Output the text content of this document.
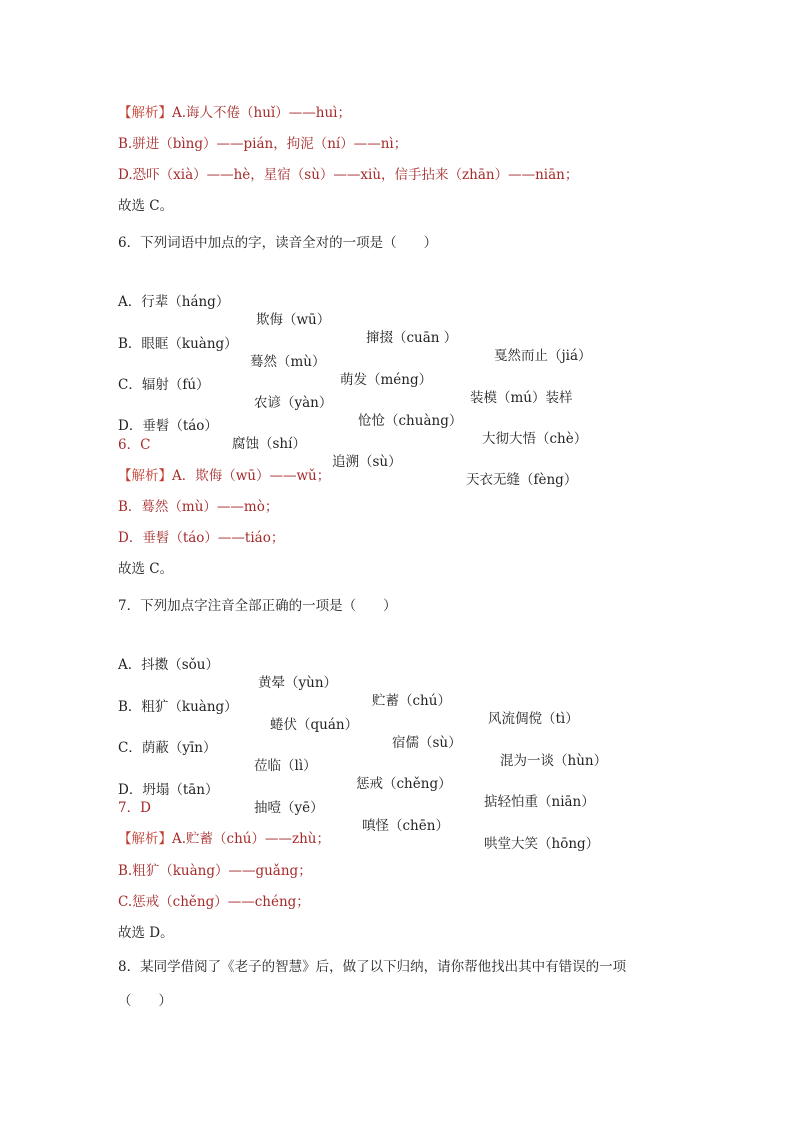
【解析】A.诲人不倦（huǐ）——huì；
B.骈进（bìng）——pián，拘泥（ní）——nì；
D.恐吓（xià）——hè，星宿（sù）——xiù，信手拈来（zhān）——niān；
故选 C。
6．下列词语中加点的字，读音全对的一项是（　　）

A．行辈（háng）

欺侮（wū）

撺掇（cuān ）

戛然而止（jiá）

B．眼眶（kuàng）

蓦然（mù）

萌发（méng）

装模（mú）装样

C．辐射（fú）

农谚（yàn）

怆怆（chuàng）

大彻大悟（chè）

D．垂髫（táo）

腐蚀（shí）

追溯（sù）

天衣无缝（fèng）

6．C
【解析】A．欺侮（wū）——wǔ；
B．蓦然（mù）——mò；
D．垂髫（táo）——tiáo；
故选 C。
7．下列加点字注音全部正确的一项是（　　）

A．抖擞（sǒu）

黄晕（yùn）

贮蓄（chú）

风流倜傥（tì）

B．粗犷（kuàng）

蜷伏（quán）

宿儒（sù）

混为一谈（hùn）

C．荫蔽（yīn）

莅临（lì）

惩戒（chěng）

掂轻怕重（niān）

D．坍塌（tān）

抽噎（yē）

嗔怪（chēn）

哄堂大笑（hōng）

7．D
【解析】A.贮蓄（chú）——zhù；
B.粗犷（kuàng）——guǎng；
C.惩戒（chěng）——chéng；
故选 D。
8．某同学借阅了《老子的智慧》后，做了以下归纳，请你帮他找出其中有错误的一项
（　　）
